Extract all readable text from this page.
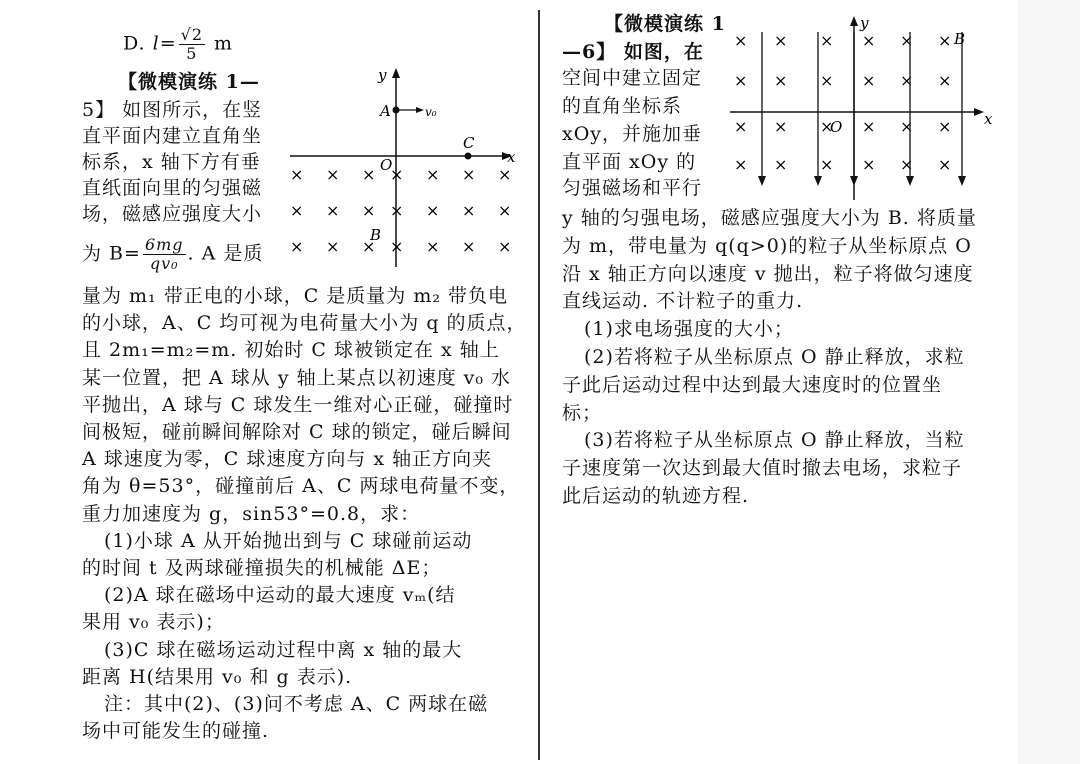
D. $l= \frac{√2}{5}$ m
【微模演练 1—
5】 如图所示，在竖
直平面内建立直角坐
标系，x 轴下方有垂
直纸面向里的匀强磁
场，磁感应强度大小
为 $B= \frac{6mg}{\text{qv₀}}$ . A 是质
量为 m₁ 带正电的小球，C 是质量为 m₂ 带负电
的小球，A、C 均可视为电荷量大小为 q 的质点，
且 2m₁=m₂=m. 初始时 C 球被锁定在 x 轴上
某一位置，把 A 球从 y 轴上某点以初速度 v₀ 水
平抛出，A 球与 C 球发生一维对心正碰，碰撞时
间极短，碰前瞬间解除对 C 球的锁定，碰后瞬间
A 球速度为零，C 球速度方向与 x 轴正方向夹
角为 θ=53°，碰撞前后 A、C 两球电荷量不变，
重力加速度为 g，sin53°=0.8，求：
(1)小球 A 从开始抛出到与 C 球碰前运动
的时间 t 及两球碰撞损失的机械能 ΔE；
(2)A 球在磁场中运动的最大速度 vₘ(结
果用 v₀ 表示)；
(3)C 球在磁场运动过程中离 x 轴的最大
距离 H(结果用 v₀ 和 g 表示).
注：其中(2)、(3)问不考虑 A、C 两球在磁
场中可能发生的碰撞.
y
x
O
A	v₀
C
B
× × × × × × ×
× × × × × × ×
× × × × × × ×
【微模演练 1
—6】 如图，在
空间中建立固定
的直角坐标系
xOy，并施加垂
直平面 xOy 的
匀强磁场和平行
y 轴的匀强电场，磁感应强度大小为 B. 将质量
为 m，带电量为 q(q>0)的粒子从坐标原点 O
沿 x 轴正方向以速度 v 抛出，粒子将做匀速度
直线运动. 不计粒子的重力.
(1)求电场强度的大小；
(2)若将粒子从坐标原点 O 静止释放，求粒
子此后运动过程中达到最大速度时的位置坐
标；
(3)若将粒子从坐标原点 O 静止释放，当粒
子速度第一次达到最大值时撤去电场，求粒子
此后运动的轨迹方程.
y
x
O
B
× × × × × ×
× × × × × ×
× × × × × ×
× × × × × ×
